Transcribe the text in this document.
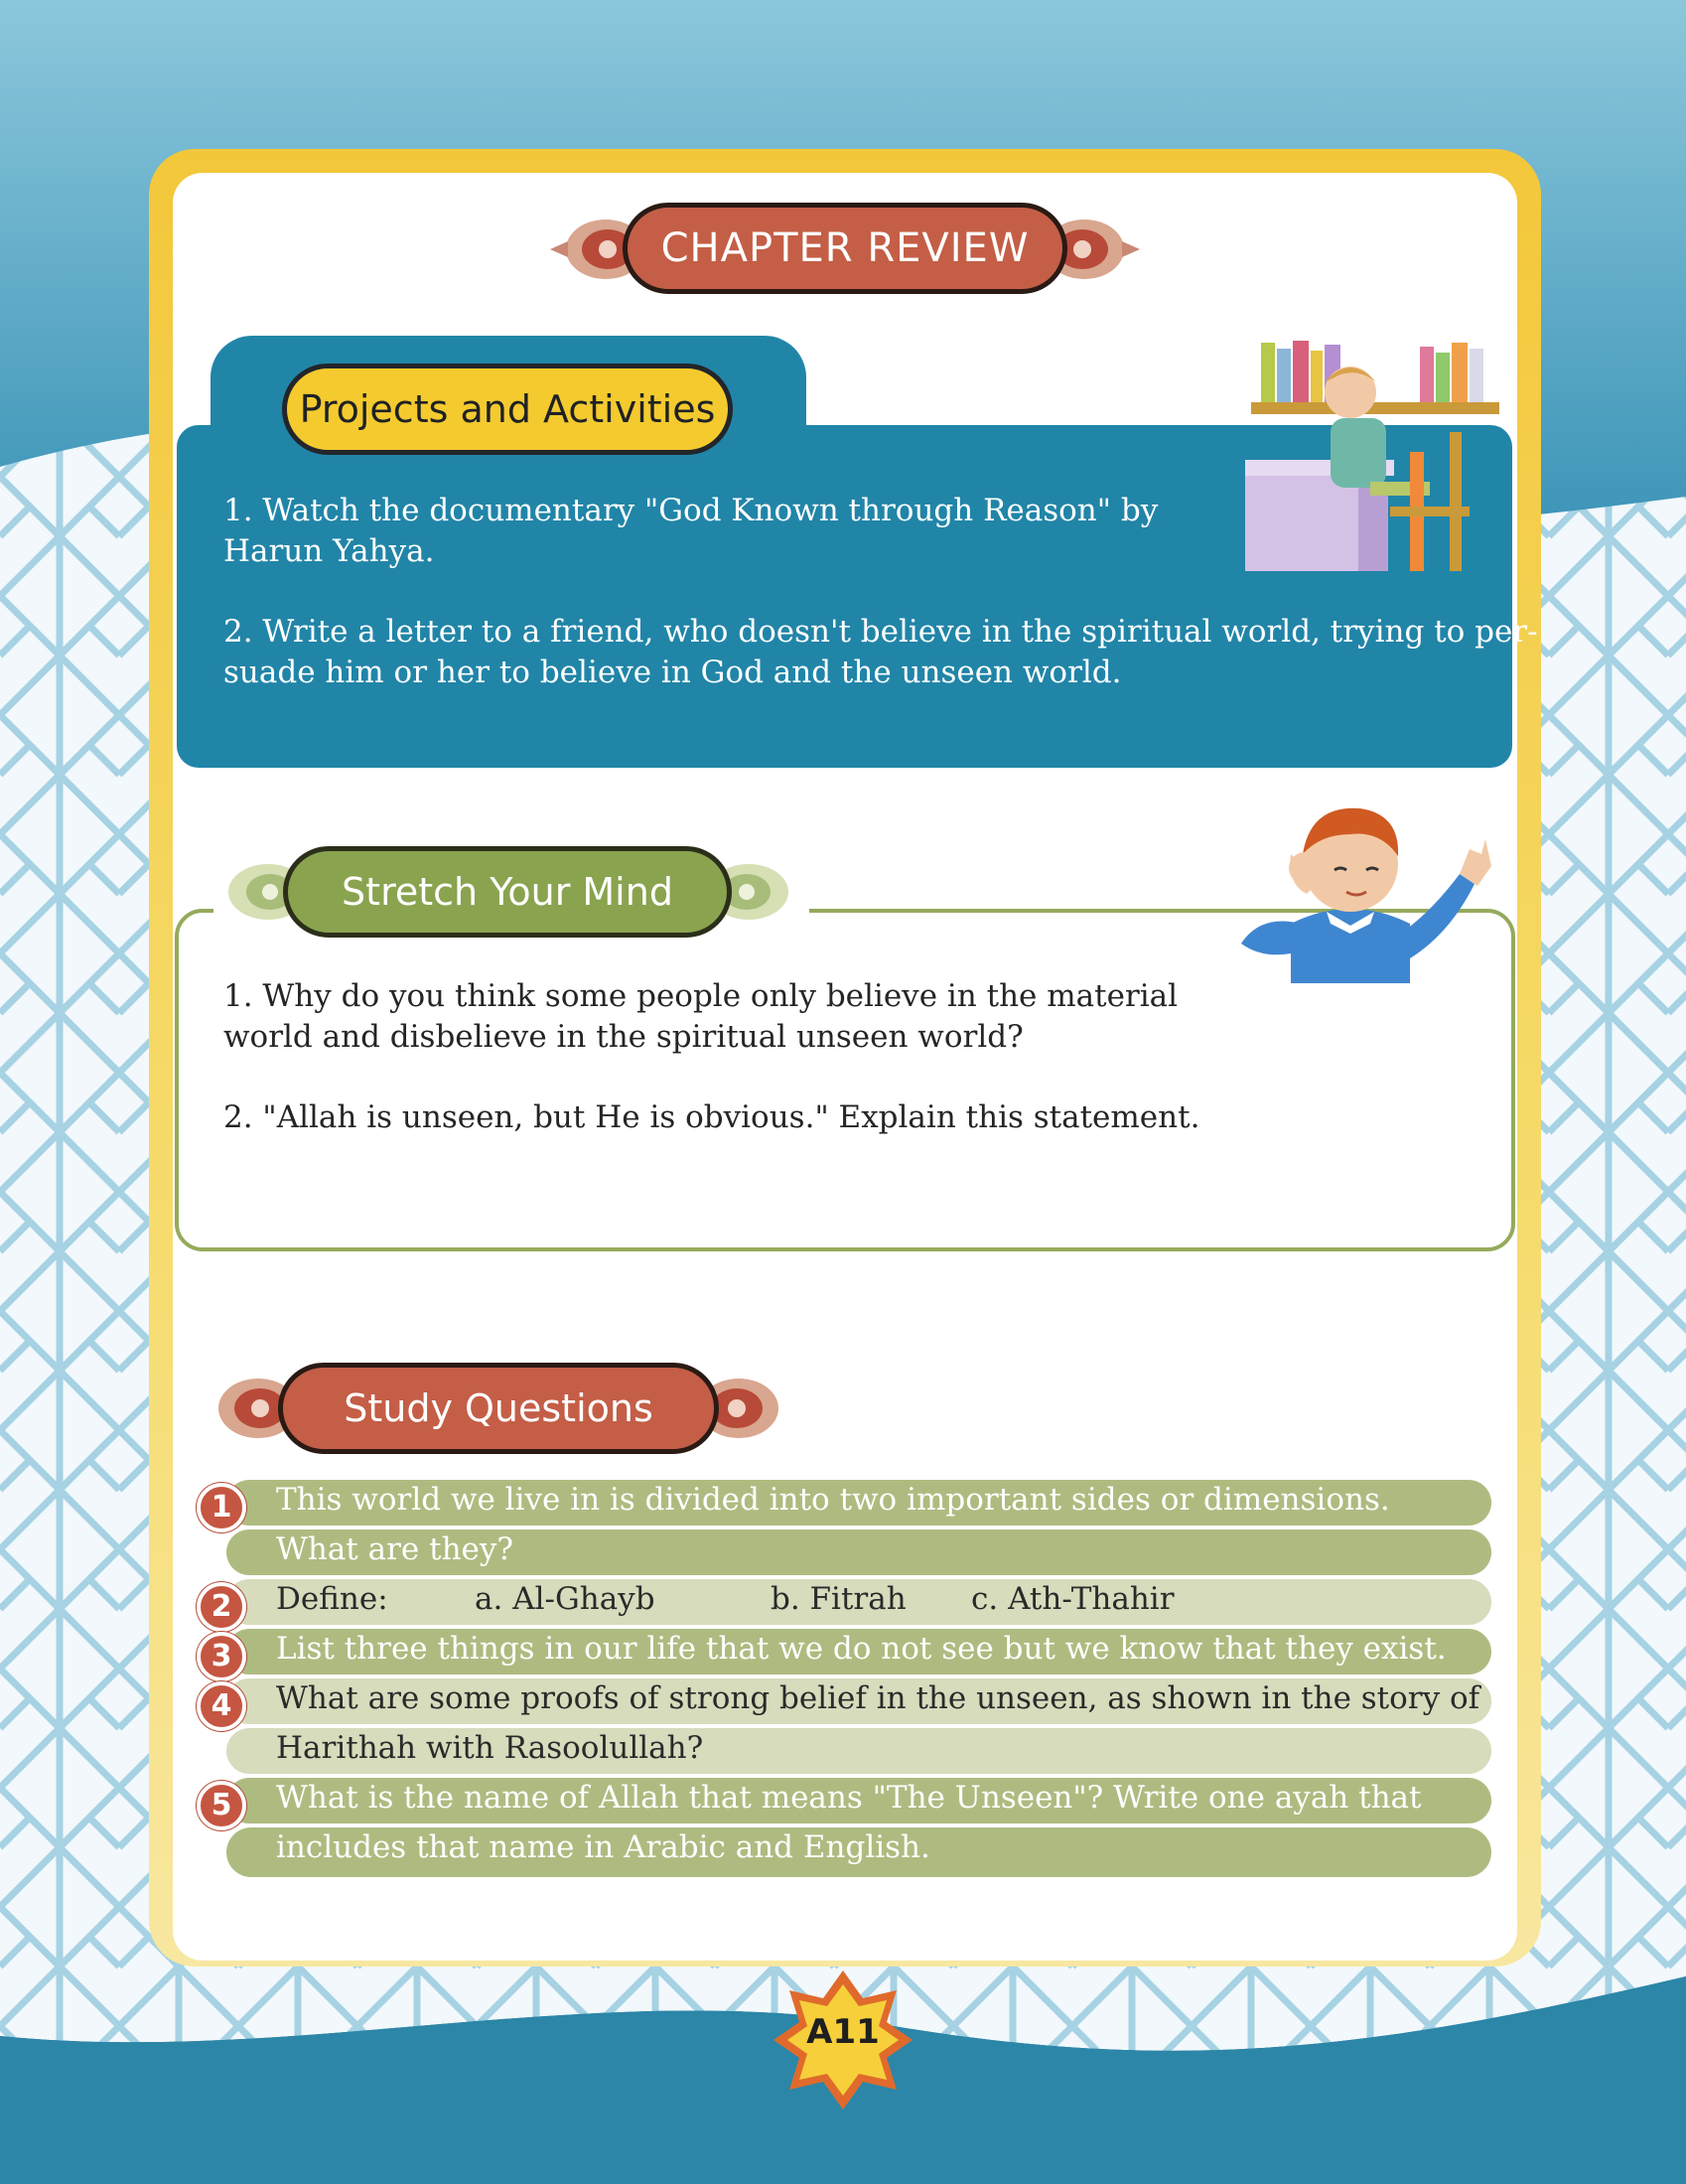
CHAPTER REVIEW
Projects and Activities
1. Watch the documentary "God Known through Reason" by
Harun Yahya.
2. Write a letter to a friend, who doesn't believe in the spiritual world, trying to per-
suade him or her to believe in God and the unseen world.
Stretch Your Mind
1. Why do you think some people only believe in the material
world and disbelieve in the spiritual unseen world?
2. "Allah is unseen, but He is obvious." Explain this statement.
Study Questions
1	This world we live in is divided into two important sides or dimensions.
What are they?
2	Define:	a. Al-Ghayb	b. Fitrah c. Ath-Thahir
3	List three things in our life that we do not see but we know that they exist.
4	What are some proofs of strong belief in the unseen, as shown in the story of
Harithah with Rasoolullah?
5	What is the name of Allah that means "The Unseen"? Write one ayah that
includes that name in Arabic and English.
A11
